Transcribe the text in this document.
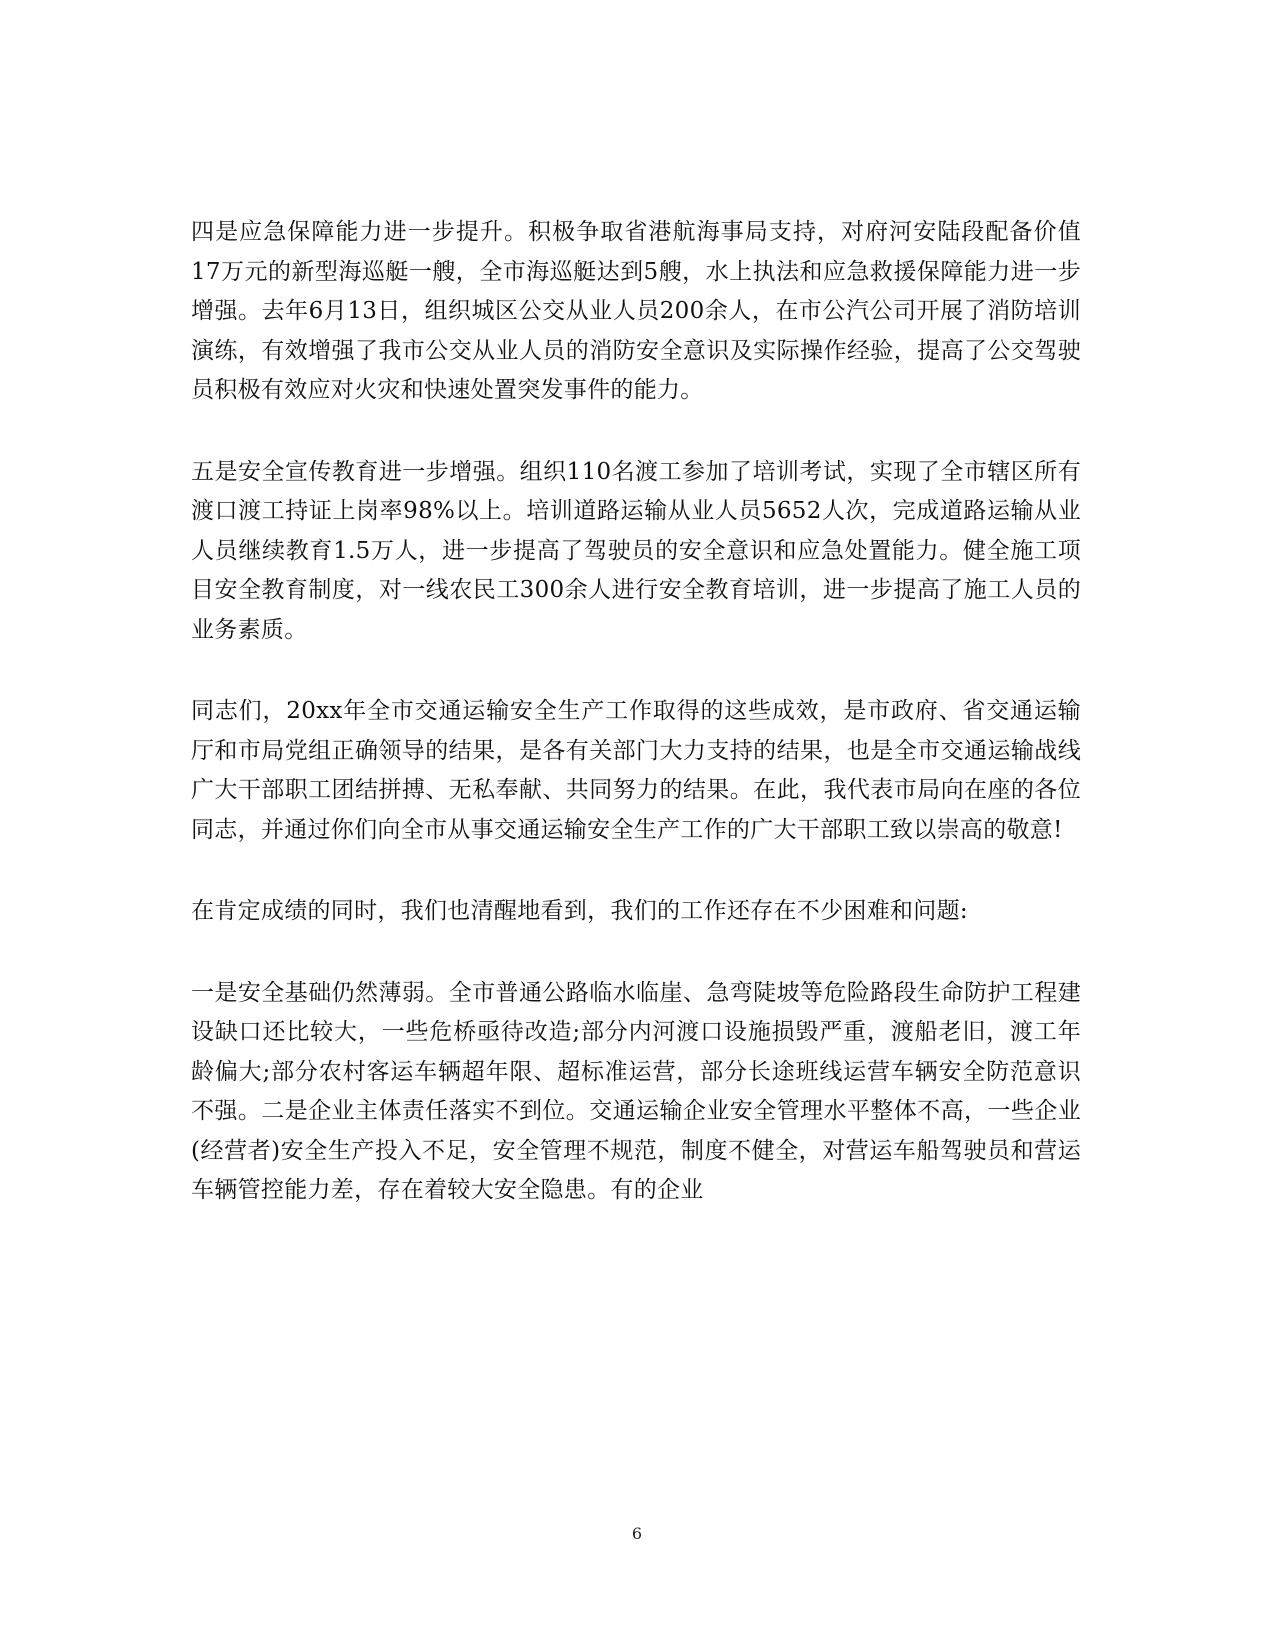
四是应急保障能力进一步提升。积极争取省港航海事局支持，对府河安陆段配备价值17万元的新型海巡艇一艘，全市海巡艇达到5艘，水上执法和应急救援保障能力进一步增强。去年6月13日，组织城区公交从业人员200余人，在市公汽公司开展了消防培训演练，有效增强了我市公交从业人员的消防安全意识及实际操作经验，提高了公交驾驶员积极有效应对火灾和快速处置突发事件的能力。

五是安全宣传教育进一步增强。组织110名渡工参加了培训考试，实现了全市辖区所有渡口渡工持证上岗率98%以上。培训道路运输从业人员5652人次，完成道路运输从业人员继续教育1.5万人，进一步提高了驾驶员的安全意识和应急处置能力。健全施工项目安全教育制度，对一线农民工300余人进行安全教育培训，进一步提高了施工人员的业务素质。

同志们，20xx年全市交通运输安全生产工作取得的这些成效，是市政府、省交通运输厅和市局党组正确领导的结果，是各有关部门大力支持的结果，也是全市交通运输战线广大干部职工团结拼搏、无私奉献、共同努力的结果。在此，我代表市局向在座的各位同志，并通过你们向全市从事交通运输安全生产工作的广大干部职工致以崇高的敬意!

在肯定成绩的同时，我们也清醒地看到，我们的工作还存在不少困难和问题:

一是安全基础仍然薄弱。全市普通公路临水临崖、急弯陡坡等危险路段生命防护工程建设缺口还比较大，一些危桥亟待改造;部分内河渡口设施损毁严重，渡船老旧，渡工年龄偏大;部分农村客运车辆超年限、超标准运营，部分长途班线运营车辆安全防范意识不强。二是企业主体责任落实不到位。交通运输企业安全管理水平整体不高，一些企业(经营者)安全生产投入不足，安全管理不规范，制度不健全，对营运车船驾驶员和营运车辆管控能力差，存在着较大安全隐患。有的企业

6
